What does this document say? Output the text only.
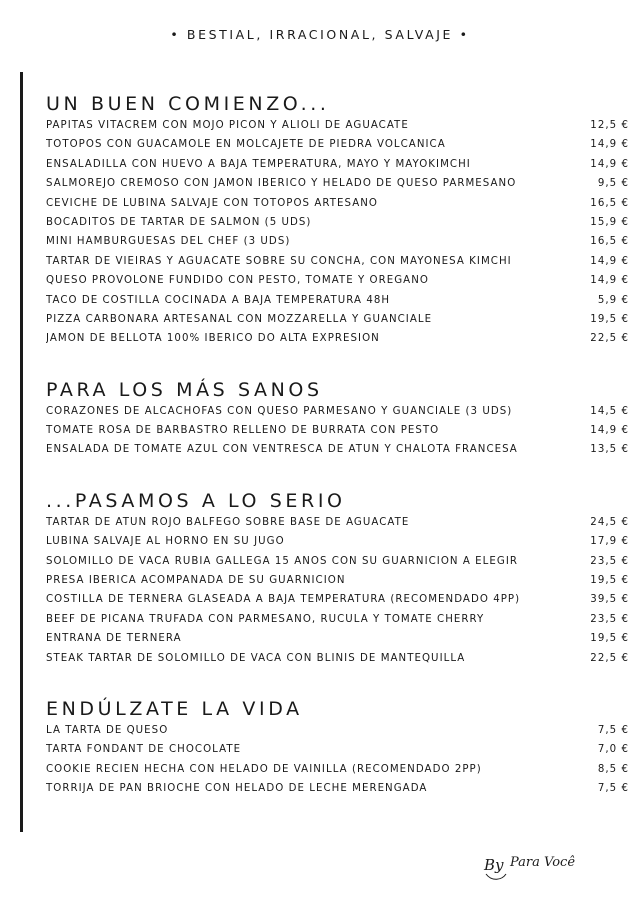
• BESTIAL, IRRACIONAL, SALVAJE •
UN BUEN COMIENZO...
PAPITAS VITACREM CON MOJO PICÓN Y ALIOLI DE AGUACATE	12,5 €
TOTOPOS CON GUACAMOLE EN MOLCAJETE DE PIEDRA VOLCÁNICA	14,9 €
ENSALADILLA CON HUEVO A BAJA TEMPERATURA, MAYO Y MAYOKIMCHI	14,9 €
SALMOREJO CREMOSO CON JAMON IBÉRICO Y HELADO DE QUESO PARMESANO	9,5 €
CEVICHE DE LUBINA SALVAJE CON TOTOPOS ARTESANO	16,5 €
BOCADITOS DE TARTAR DE SALMÓN (5 UDS)	15,9 €
MINI HAMBURGUESAS DEL CHEF (3 UDS)	16,5 €
TARTAR DE VIEIRAS Y AGUACATE SOBRE SU CONCHA, CON MAYONESA KIMCHI	14,9 €
QUESO PROVOLONE FUNDIDO CON PESTO, TOMATE Y ORÉGANO	14,9 €
TACO DE COSTILLA COCINADA A BAJA TEMPERATURA 48H	5,9 €
PIZZA CARBONARA ARTESANAL CON MOZZARELLA Y GUANCIALE	19,5 €
JAMÓN DE BELLOTA 100% IBÉRICO DO ALTA EXPRESIÓN	22,5 €
PARA LOS MÁS SANOS
CORAZONES DE ALCACHOFAS CON QUESO PARMESANO Y GUANCIALE (3 UDS)	14,5 €
TOMATE ROSA DE BARBASTRO RELLENO DE BURRATA CON PESTO	14,9 €
ENSALADA DE TOMATE AZUL CON VENTRESCA DE ATÚN Y CHALOTA FRANCESA	13,5 €
...PASAMOS A LO SERIO
TARTAR DE ATÚN ROJO BALFEGÓ SOBRE BASE DE AGUACATE	24,5 €
LUBINA SALVAJE AL HORNO EN SU JUGO	17,9 €
SOLOMILLO DE VACA RUBIA GALLEGA 15 AÑOS CON SU GUARNICIÓN A ELEGIR	23,5 €
PRESA IBÉRICA ACOMPAÑADA DE SU GUARNICIÓN	19,5 €
COSTILLA DE TERNERA GLASEADA A BAJA TEMPERATURA (RECOMENDADO 4PP)	39,5 €
BEEF DE PICAÑA TRUFADA CON PARMESANO, RUCULA Y TOMATE CHERRY	23,5 €
ENTRAÑA DE TERNERA	19,5 €
STEAK TARTAR DE SOLOMILLO DE VACA CON BLINIS DE MANTEQUILLA	22,5 €
ENDÚLZATE LA VIDA
LA TARTA DE QUESO	7,5 €
TARTA FONDANT DE CHOCOLATE	7,0 €
COOKIE RECIÉN HECHA CON HELADO DE VAINILLA (RECOMENDADO 2PP)	8,5 €
TORRIJA DE PAN BRIOCHE CON HELADO DE LECHE MERENGADA	7,5 €
By Para Você
